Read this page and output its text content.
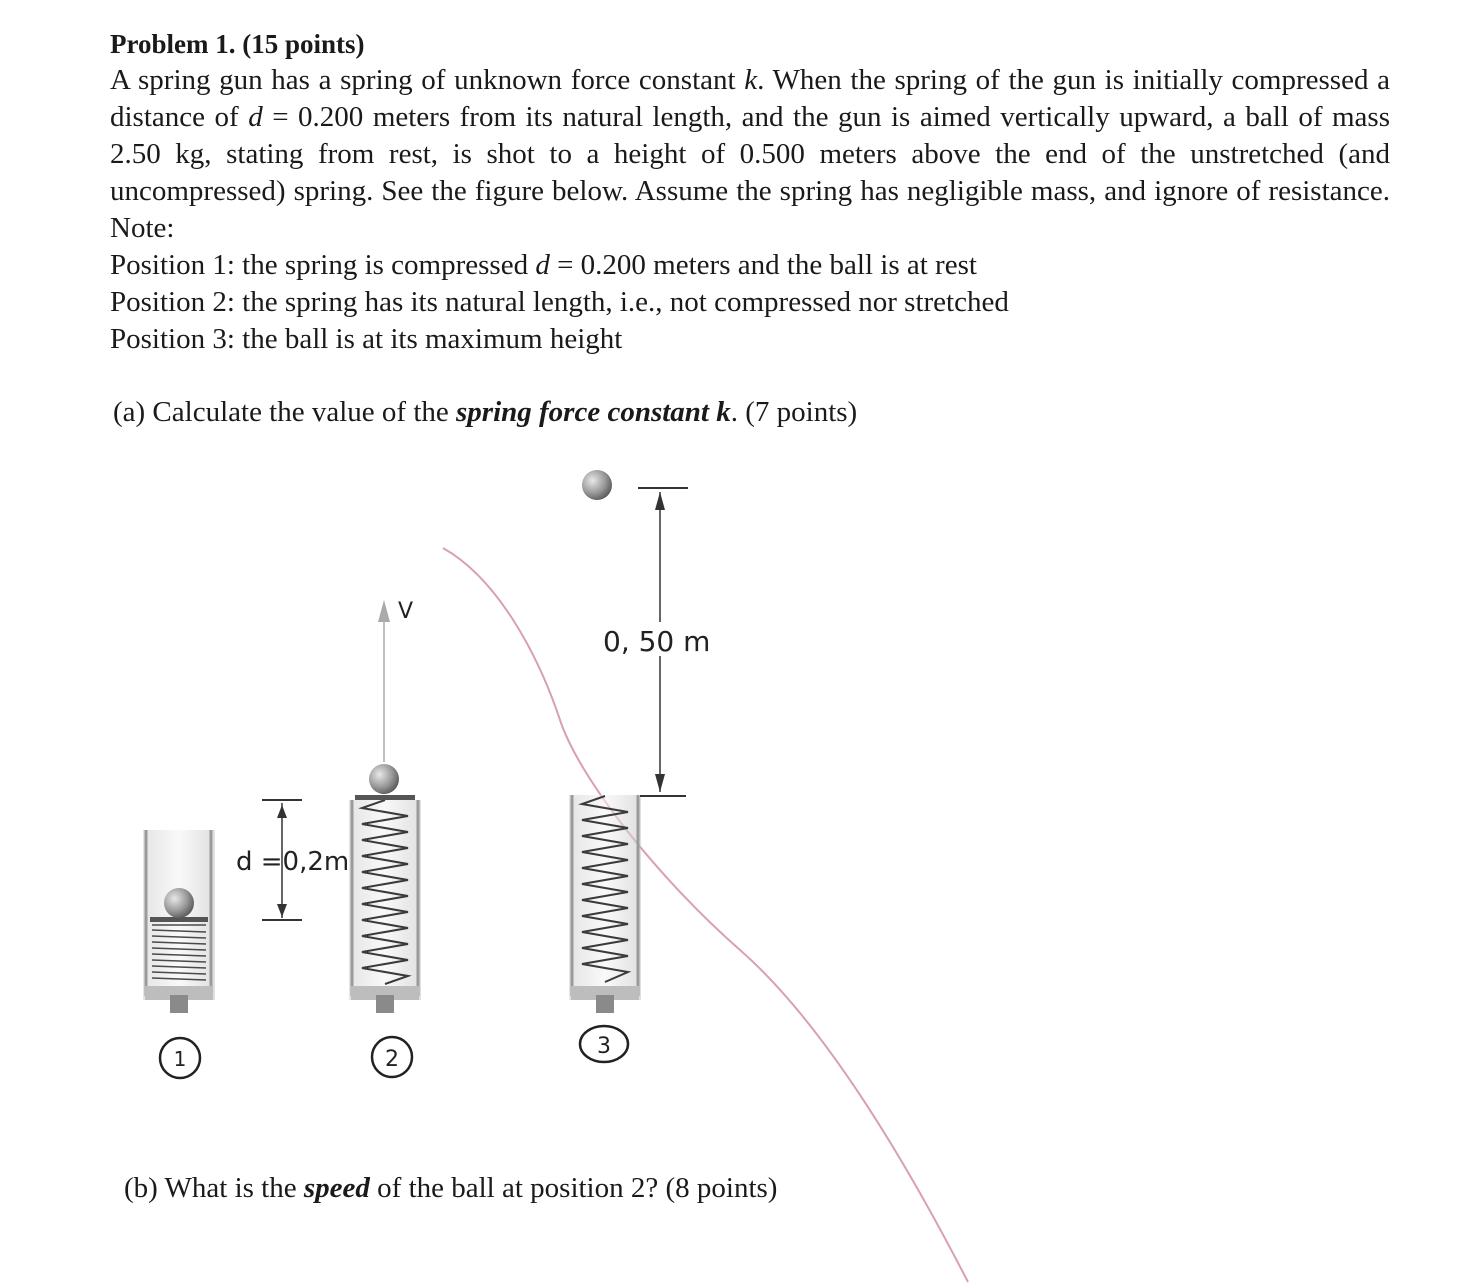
Problem 1. (15 points)
A spring gun has a spring of unknown force constant k. When the spring of the gun is initially compressed a distance of d = 0.200 meters from its natural length, and the gun is aimed vertically upward, a ball of mass 2.50 kg, stating from rest, is shot to a height of 0.500 meters above the end of the unstretched (and uncompressed) spring. See the figure below. Assume the spring has negligible mass, and ignore of resistance. Note:
Position 1: the spring is compressed d = 0.200 meters and the ball is at rest
Position 2: the spring has its natural length, i.e., not compressed nor stretched
Position 3: the ball is at its maximum height
(a) Calculate the value of the spring force constant k. (7 points)
(b) What is the speed of the ball at position 2? (8 points)
d =0,2m
V
0, 50 m
1	2
3
